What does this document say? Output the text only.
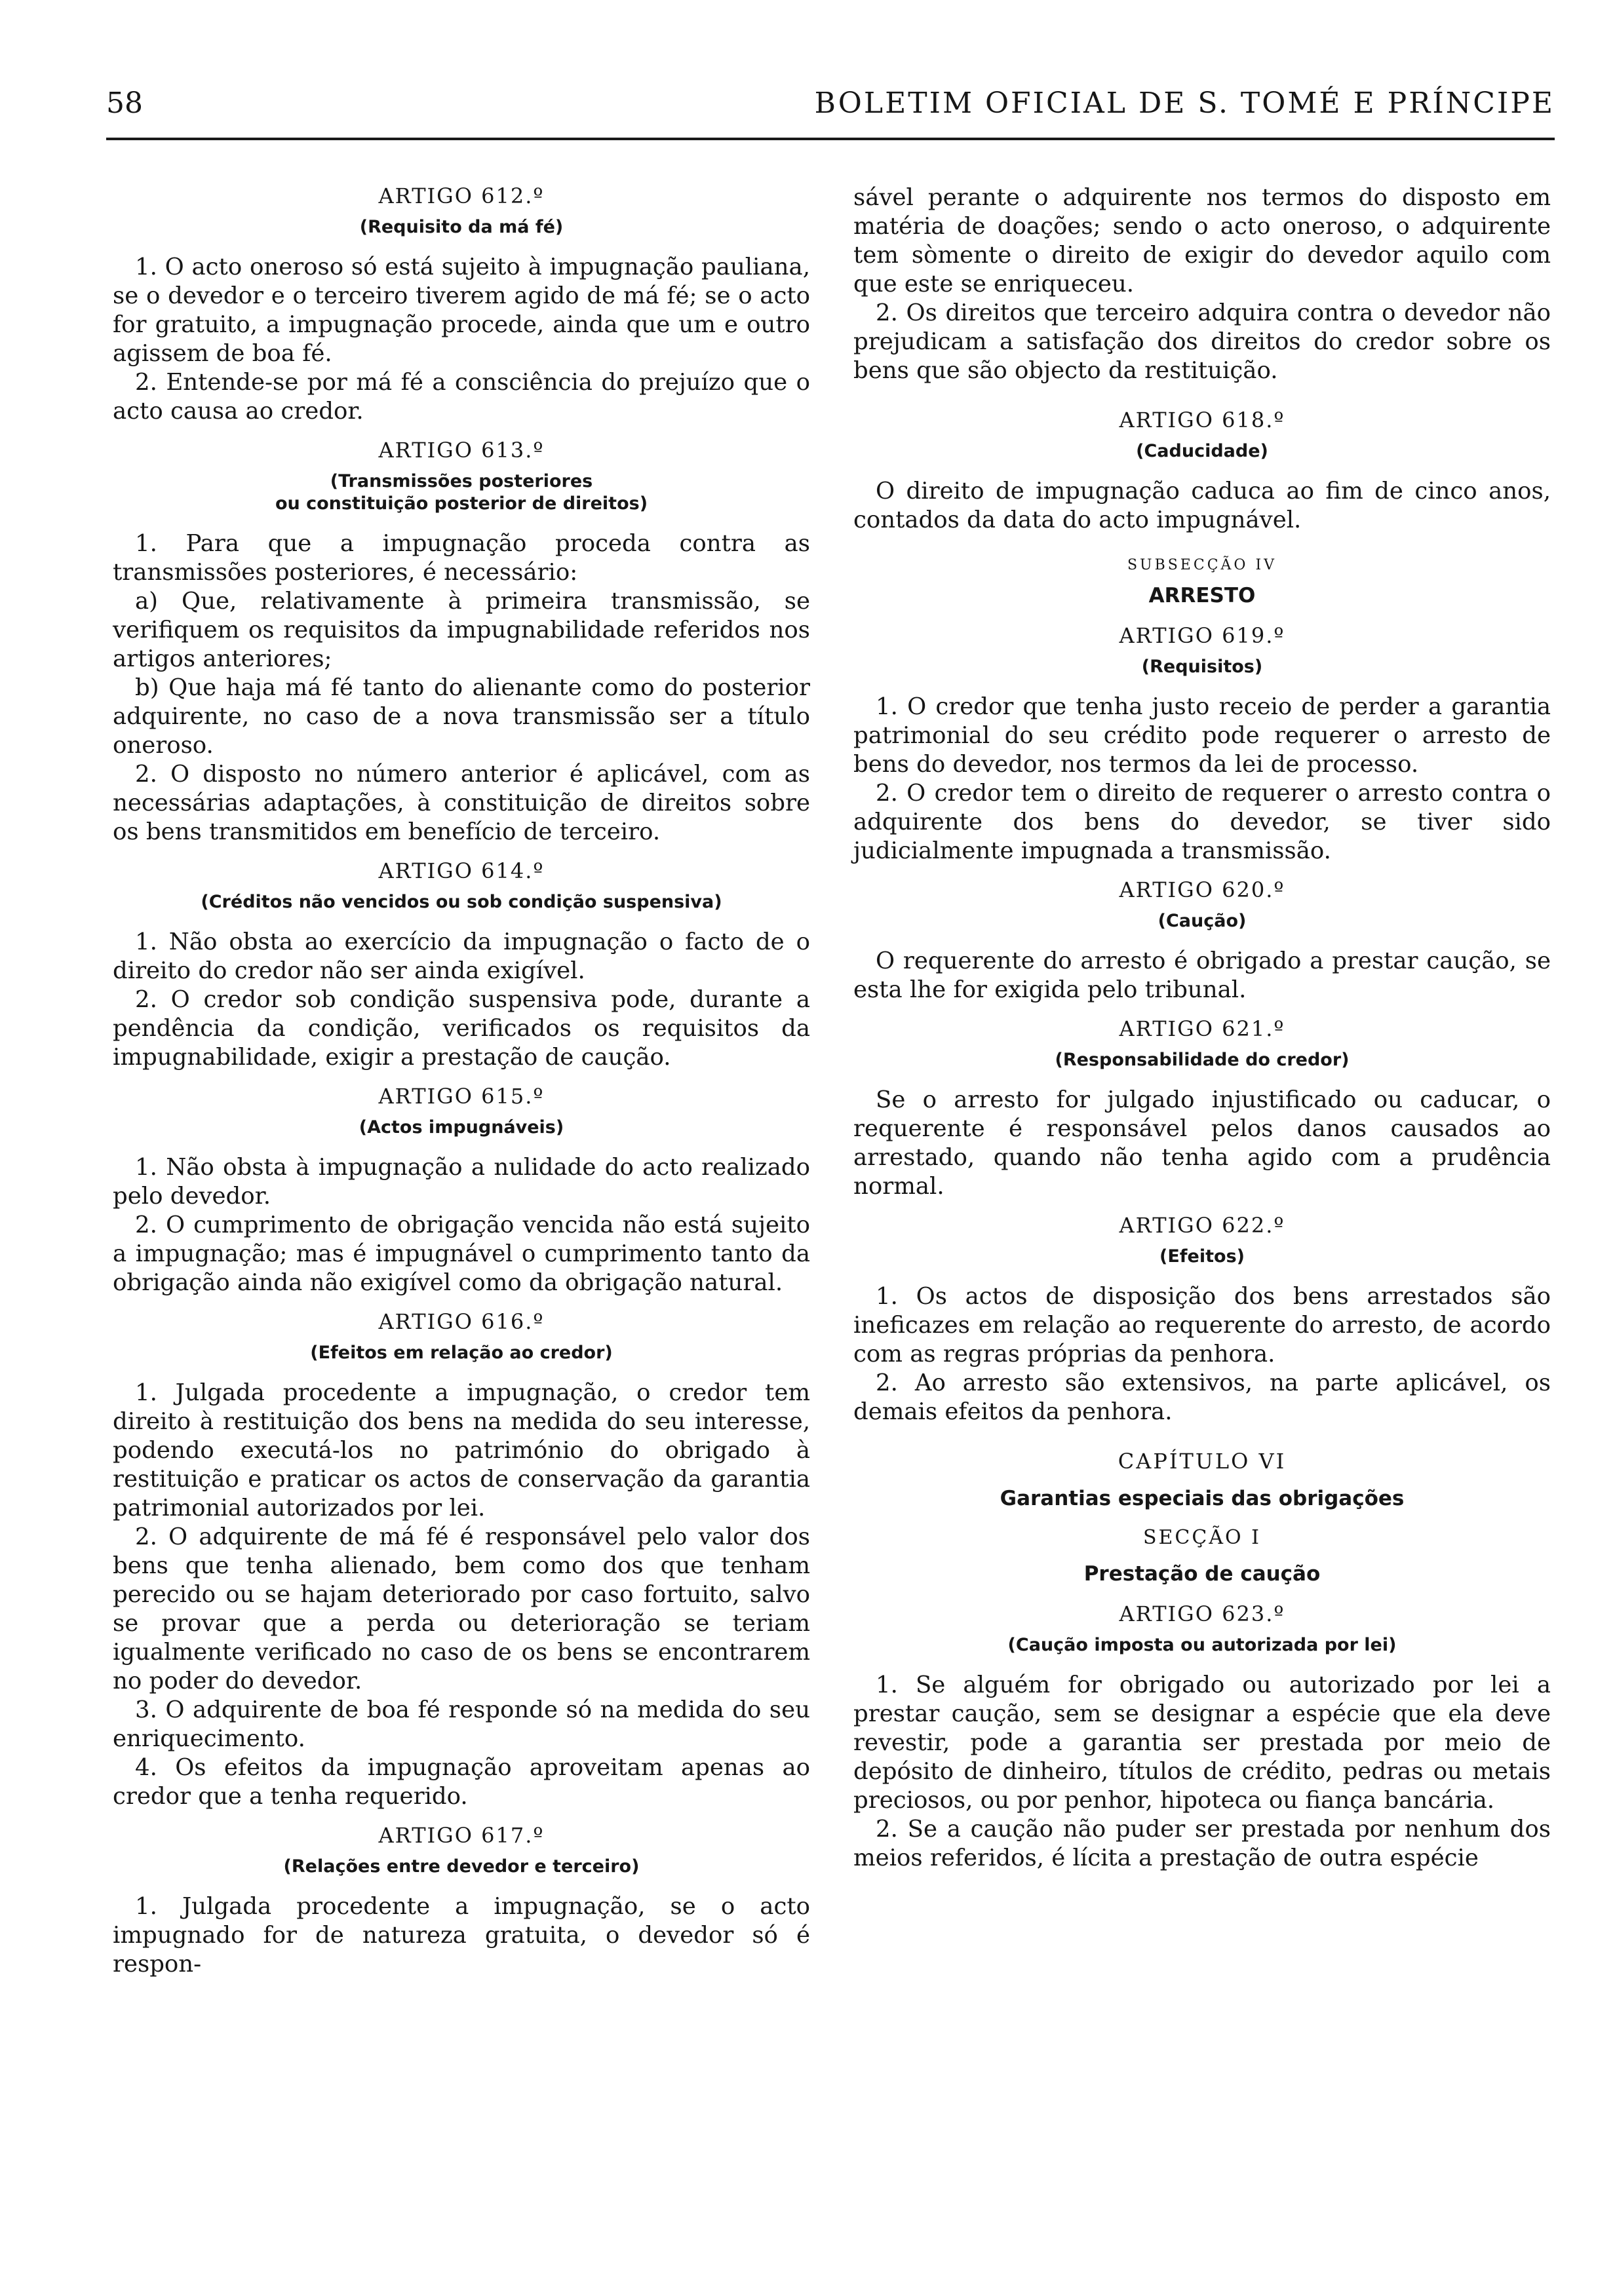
58	BOLETIM OFICIAL DE S. TOMÉ E PRÍNCIPE
ARTIGO 612.º
(Requisito da má fé)

1. O acto oneroso só está sujeito à impugnação pauliana, se o devedor e o terceiro tiverem agido de má fé; se o acto for gratuito, a impugnação procede, ainda que um e outro agissem de boa fé.

2. Entende-se por má fé a consciência do prejuízo que o acto causa ao credor.

ARTIGO 613.º
(Transmissões posteriores
ou constituição posterior de direitos)

1. Para que a impugnação proceda contra as transmissões posteriores, é necessário:

a) Que, relativamente à primeira transmissão, se verifiquem os requisitos da impugnabilidade referidos nos artigos anteriores;

b) Que haja má fé tanto do alienante como do posterior adquirente, no caso de a nova transmissão ser a título oneroso.

2. O disposto no número anterior é aplicável, com as necessárias adaptações, à constituição de direitos sobre os bens transmitidos em benefício de terceiro.

ARTIGO 614.º
(Créditos não vencidos ou sob condição suspensiva)

1. Não obsta ao exercício da impugnação o facto de o direito do credor não ser ainda exigível.

2. O credor sob condição suspensiva pode, durante a pendência da condição, verificados os requisitos da impugnabilidade, exigir a prestação de caução.

ARTIGO 615.º
(Actos impugnáveis)

1. Não obsta à impugnação a nulidade do acto realizado pelo devedor.

2. O cumprimento de obrigação vencida não está sujeito a impugnação; mas é impugnável o cumprimento tanto da obrigação ainda não exigível como da obrigação natural.

ARTIGO 616.º
(Efeitos em relação ao credor)

1. Julgada procedente a impugnação, o credor tem direito à restituição dos bens na medida do seu interesse, podendo executá-los no património do obrigado à restituição e praticar os actos de conservação da garantia patrimonial autorizados por lei.

2. O adquirente de má fé é responsável pelo valor dos bens que tenha alienado, bem como dos que tenham perecido ou se hajam deteriorado por caso fortuito, salvo se provar que a perda ou deterioração se teriam igualmente verificado no caso de os bens se encontrarem no poder do devedor.

3. O adquirente de boa fé responde só na medida do seu enriquecimento.

4. Os efeitos da impugnação aproveitam apenas ao credor que a tenha requerido.

ARTIGO 617.º
(Relações entre devedor e terceiro)

1. Julgada procedente a impugnação, se o acto impugnado for de natureza gratuita, o devedor só é respon-

sável perante o adquirente nos termos do disposto em matéria de doações; sendo o acto oneroso, o adquirente tem sòmente o direito de exigir do devedor aquilo com que este se enriqueceu.

2. Os direitos que terceiro adquira contra o devedor não prejudicam a satisfação dos direitos do credor sobre os bens que são objecto da restituição.

ARTIGO 618.º
(Caducidade)

O direito de impugnação caduca ao fim de cinco anos, contados da data do acto impugnável.

SUBSECÇÃO IV
ARRESTO
ARTIGO 619.º
(Requisitos)

1. O credor que tenha justo receio de perder a garantia patrimonial do seu crédito pode requerer o arresto de bens do devedor, nos termos da lei de processo.

2. O credor tem o direito de requerer o arresto contra o adquirente dos bens do devedor, se tiver sido judicialmente impugnada a transmissão.

ARTIGO 620.º
(Caução)

O requerente do arresto é obrigado a prestar caução, se esta lhe for exigida pelo tribunal.

ARTIGO 621.º
(Responsabilidade do credor)

Se o arresto for julgado injustificado ou caducar, o requerente é responsável pelos danos causados ao arrestado, quando não tenha agido com a prudência normal.

ARTIGO 622.º
(Efeitos)

1. Os actos de disposição dos bens arrestados são ineficazes em relação ao requerente do arresto, de acordo com as regras próprias da penhora.

2. Ao arresto são extensivos, na parte aplicável, os demais efeitos da penhora.

CAPÍTULO VI
Garantias especiais das obrigações
SECÇÃO I
Prestação de caução
ARTIGO 623.º
(Caução imposta ou autorizada por lei)

1. Se alguém for obrigado ou autorizado por lei a prestar caução, sem se designar a espécie que ela deve revestir, pode a garantia ser prestada por meio de depósito de dinheiro, títulos de crédito, pedras ou metais preciosos, ou por penhor, hipoteca ou fiança bancária.

2. Se a caução não puder ser prestada por nenhum dos meios referidos, é lícita a prestação de outra espécie
